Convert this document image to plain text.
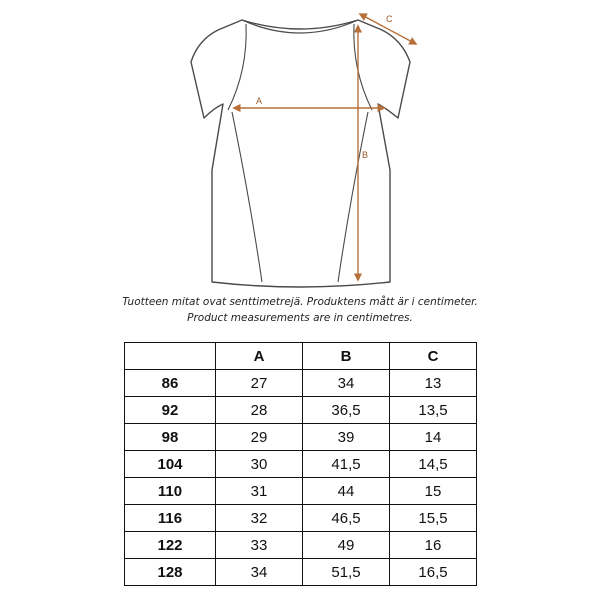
A
B
C
Tuotteen mitat ovat senttimetrejä. Produktens mått är i centimeter.
Product measurements are in centimetres.
	A	B	C
86	27	34	13
92	28	36,5	13,5
98	29	39	14
104	30	41,5	14,5
110	31	44	15
116	32	46,5	15,5
122	33	49	16
128	34	51,5	16,5
